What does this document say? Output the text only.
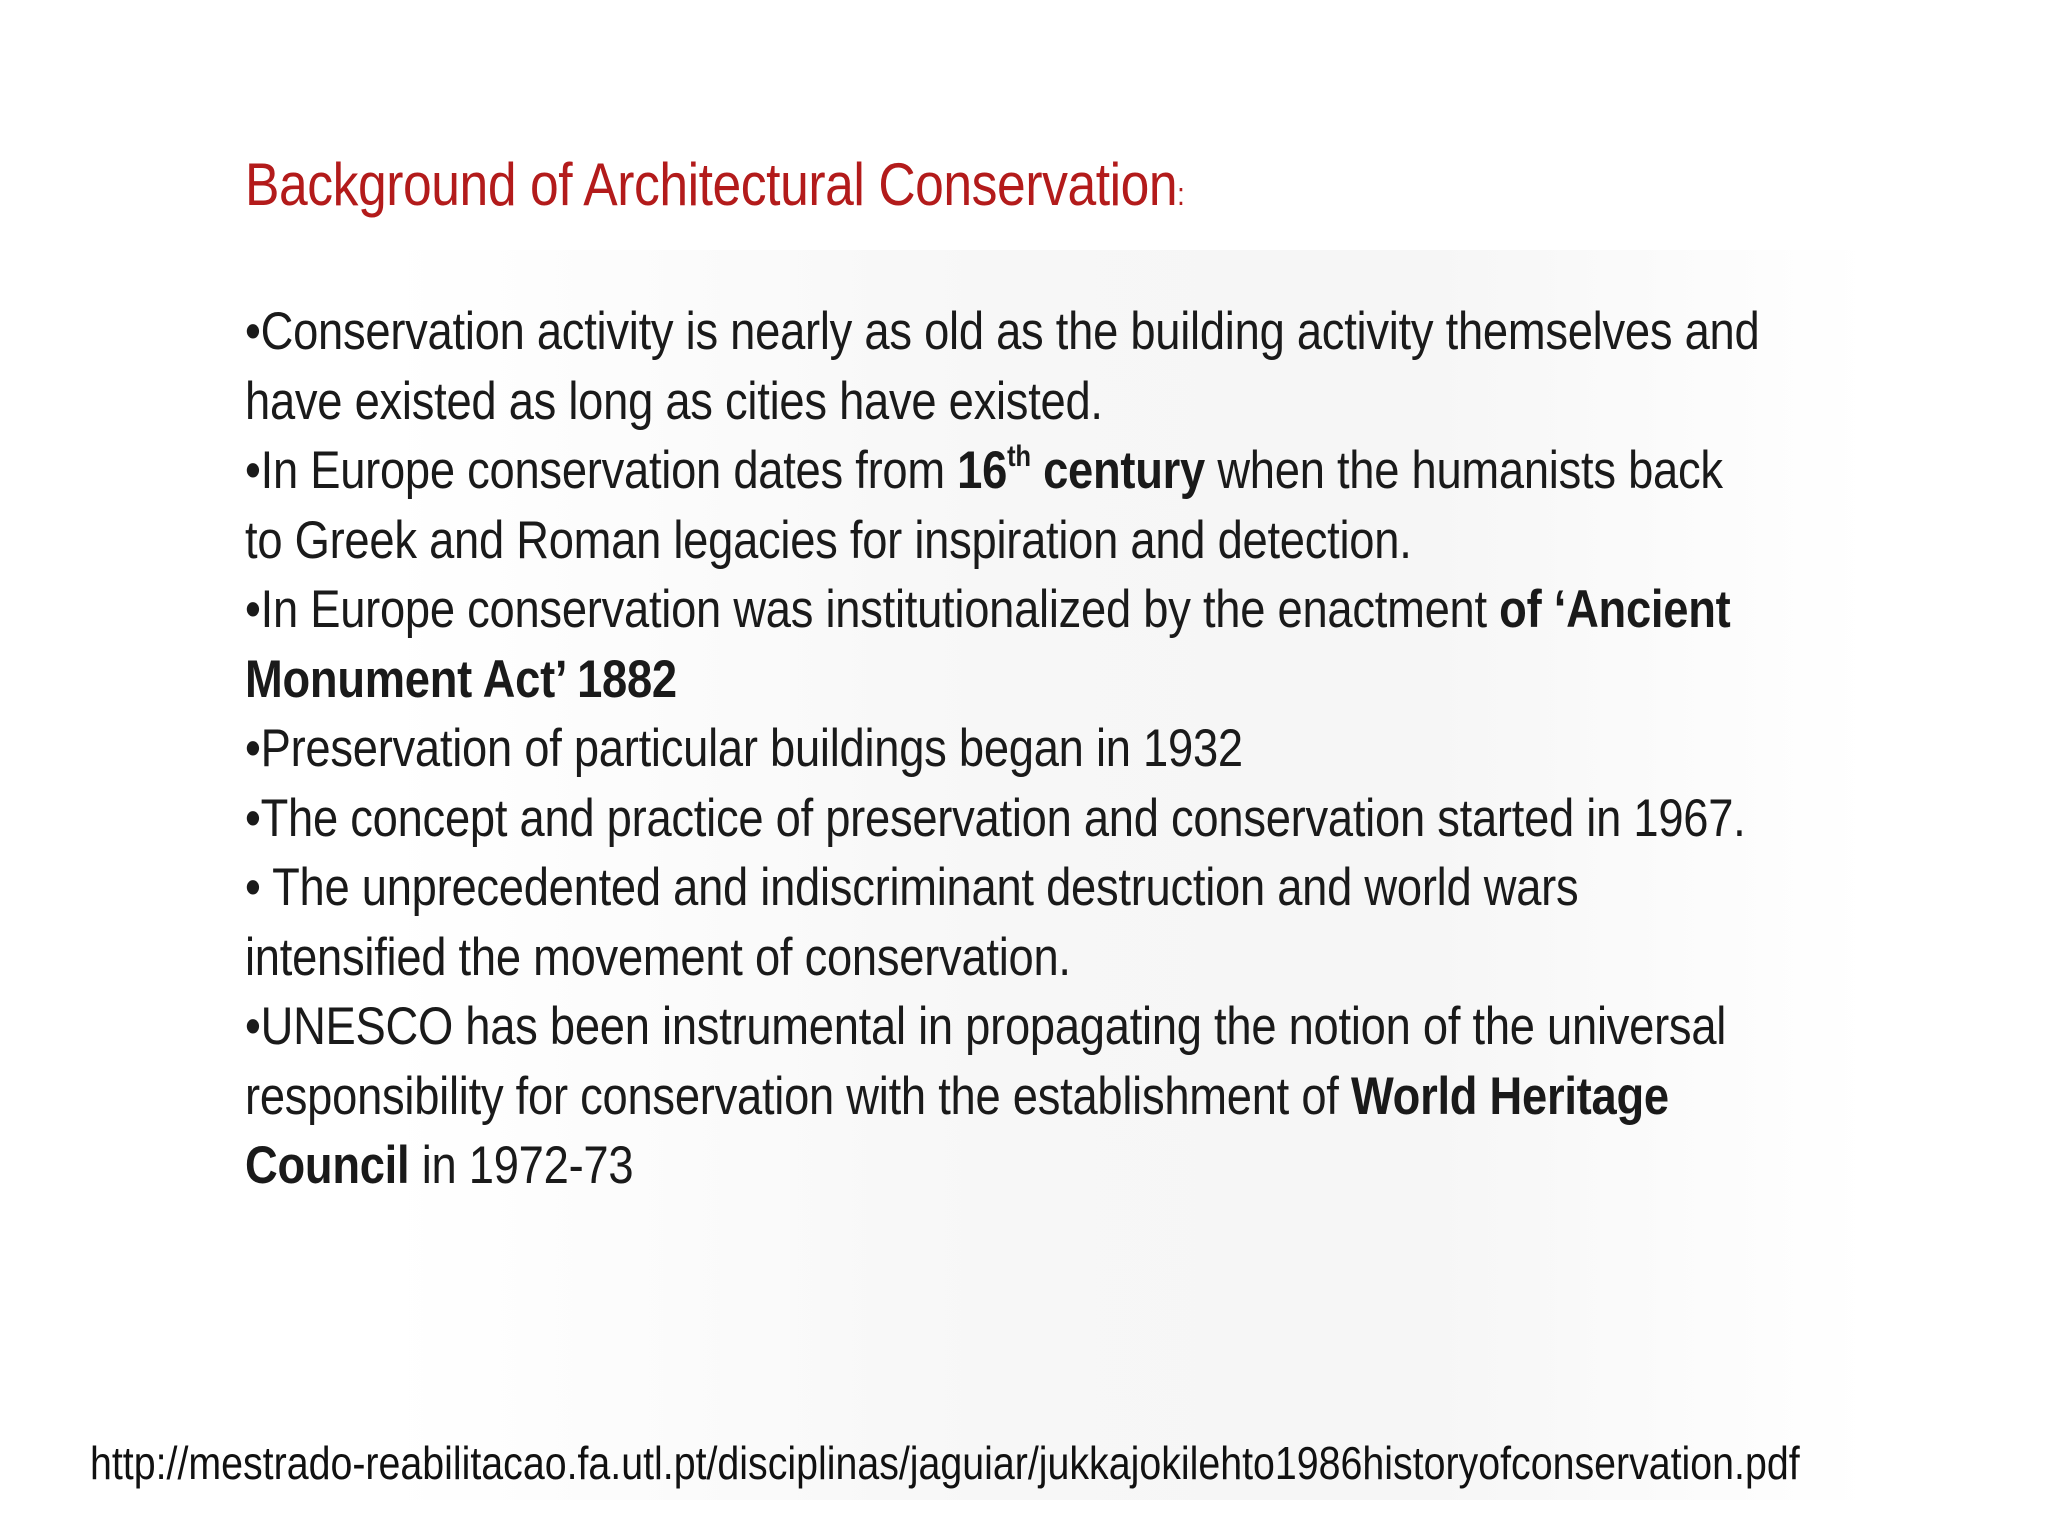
Background of Architectural Conservation:

•Conservation activity is nearly as old as the building activity themselves and
have existed as long as cities have existed.

•In Europe conservation dates from 16th century when the humanists back
to Greek and Roman legacies for inspiration and detection.

•In Europe conservation was institutionalized by the enactment of ‘Ancient
Monument Act’ 1882

•Preservation of particular buildings began in 1932

•The concept and practice of preservation and conservation started in 1967.

• The unprecedented and indiscriminant destruction and world wars
intensified the movement of conservation.

•UNESCO has been instrumental in propagating the notion of the universal
responsibility for conservation with the establishment of World Heritage
Council in 1972-73

http://mestrado-reabilitacao.fa.utl.pt/disciplinas/jaguiar/jukkajokilehto1986historyofconservation.pdf
